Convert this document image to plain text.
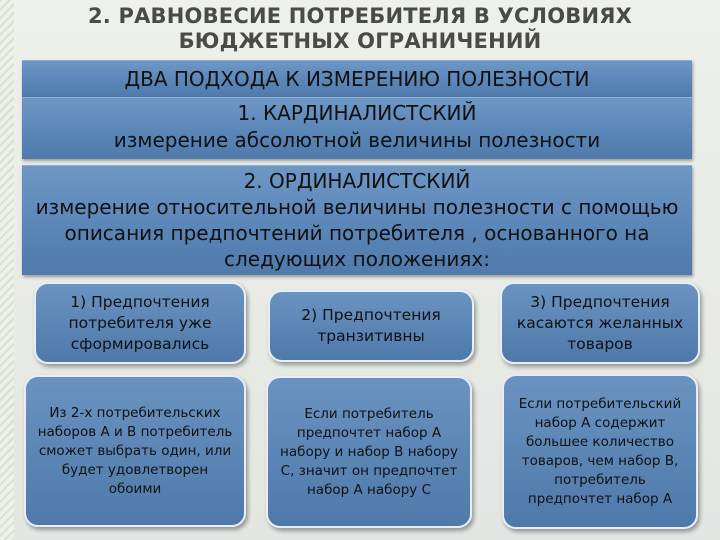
2. РАВНОВЕСИЕ ПОТРЕБИТЕЛЯ В УСЛОВИЯХ
БЮДЖЕТНЫХ ОГРАНИЧЕНИЙ
ДВА ПОДХОДА К ИЗМЕРЕНИЮ ПОЛЕЗНОСТИ
1. КАРДИНАЛИСТСКИЙ
измерение абсолютной величины полезности
2. ОРДИНАЛИСТСКИЙ
измерение относительной величины полезности с помощью
описания предпочтений потребителя , основанного на
следующих положениях:
1) Предпочтения потребителя уже сформировались
2) Предпочтения транзитивны
3) Предпочтения касаются желанных товаров
Из 2-х потребительских наборов А и В потребитель сможет выбрать один, или будет удовлетворен обоими
Если потребитель предпочтет набор А набору и набор В набору С, значит он предпочтет набор А набору С
Если потребительский набор А содержит большее количество товаров, чем набор В, потребитель предпочтет набор А
